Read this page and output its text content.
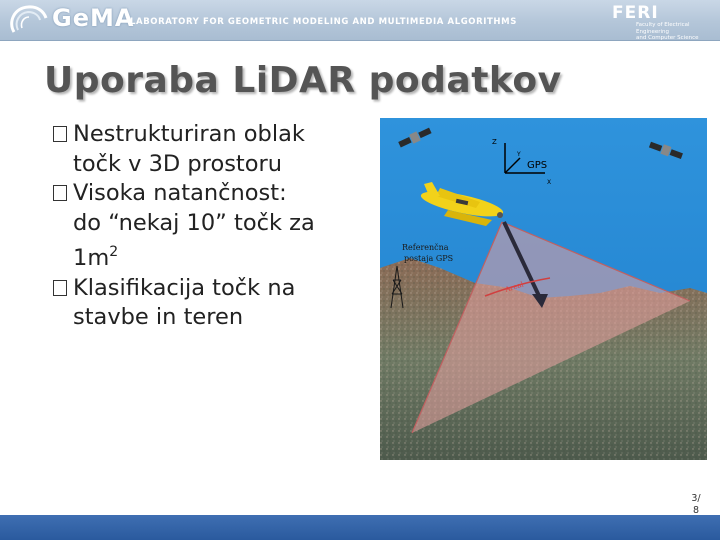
GeMA
LABORATORY FOR GEOMETRIC MODELING AND MULTIMEDIA ALGORITHMS	FERI
Faculty of Electrical Engineering
and Computer Science
Uporaba LiDAR podatkov
Nestrukturiran oblak
točk v 3D prostoru
Visoka natančnost:
do “nekaj 10” točk za
$1m^2$
Klasifikacija točk na
stavbe in teren
Areal
Z
Y
X
GPS
Referenčna
postaja GPS
3/
8
